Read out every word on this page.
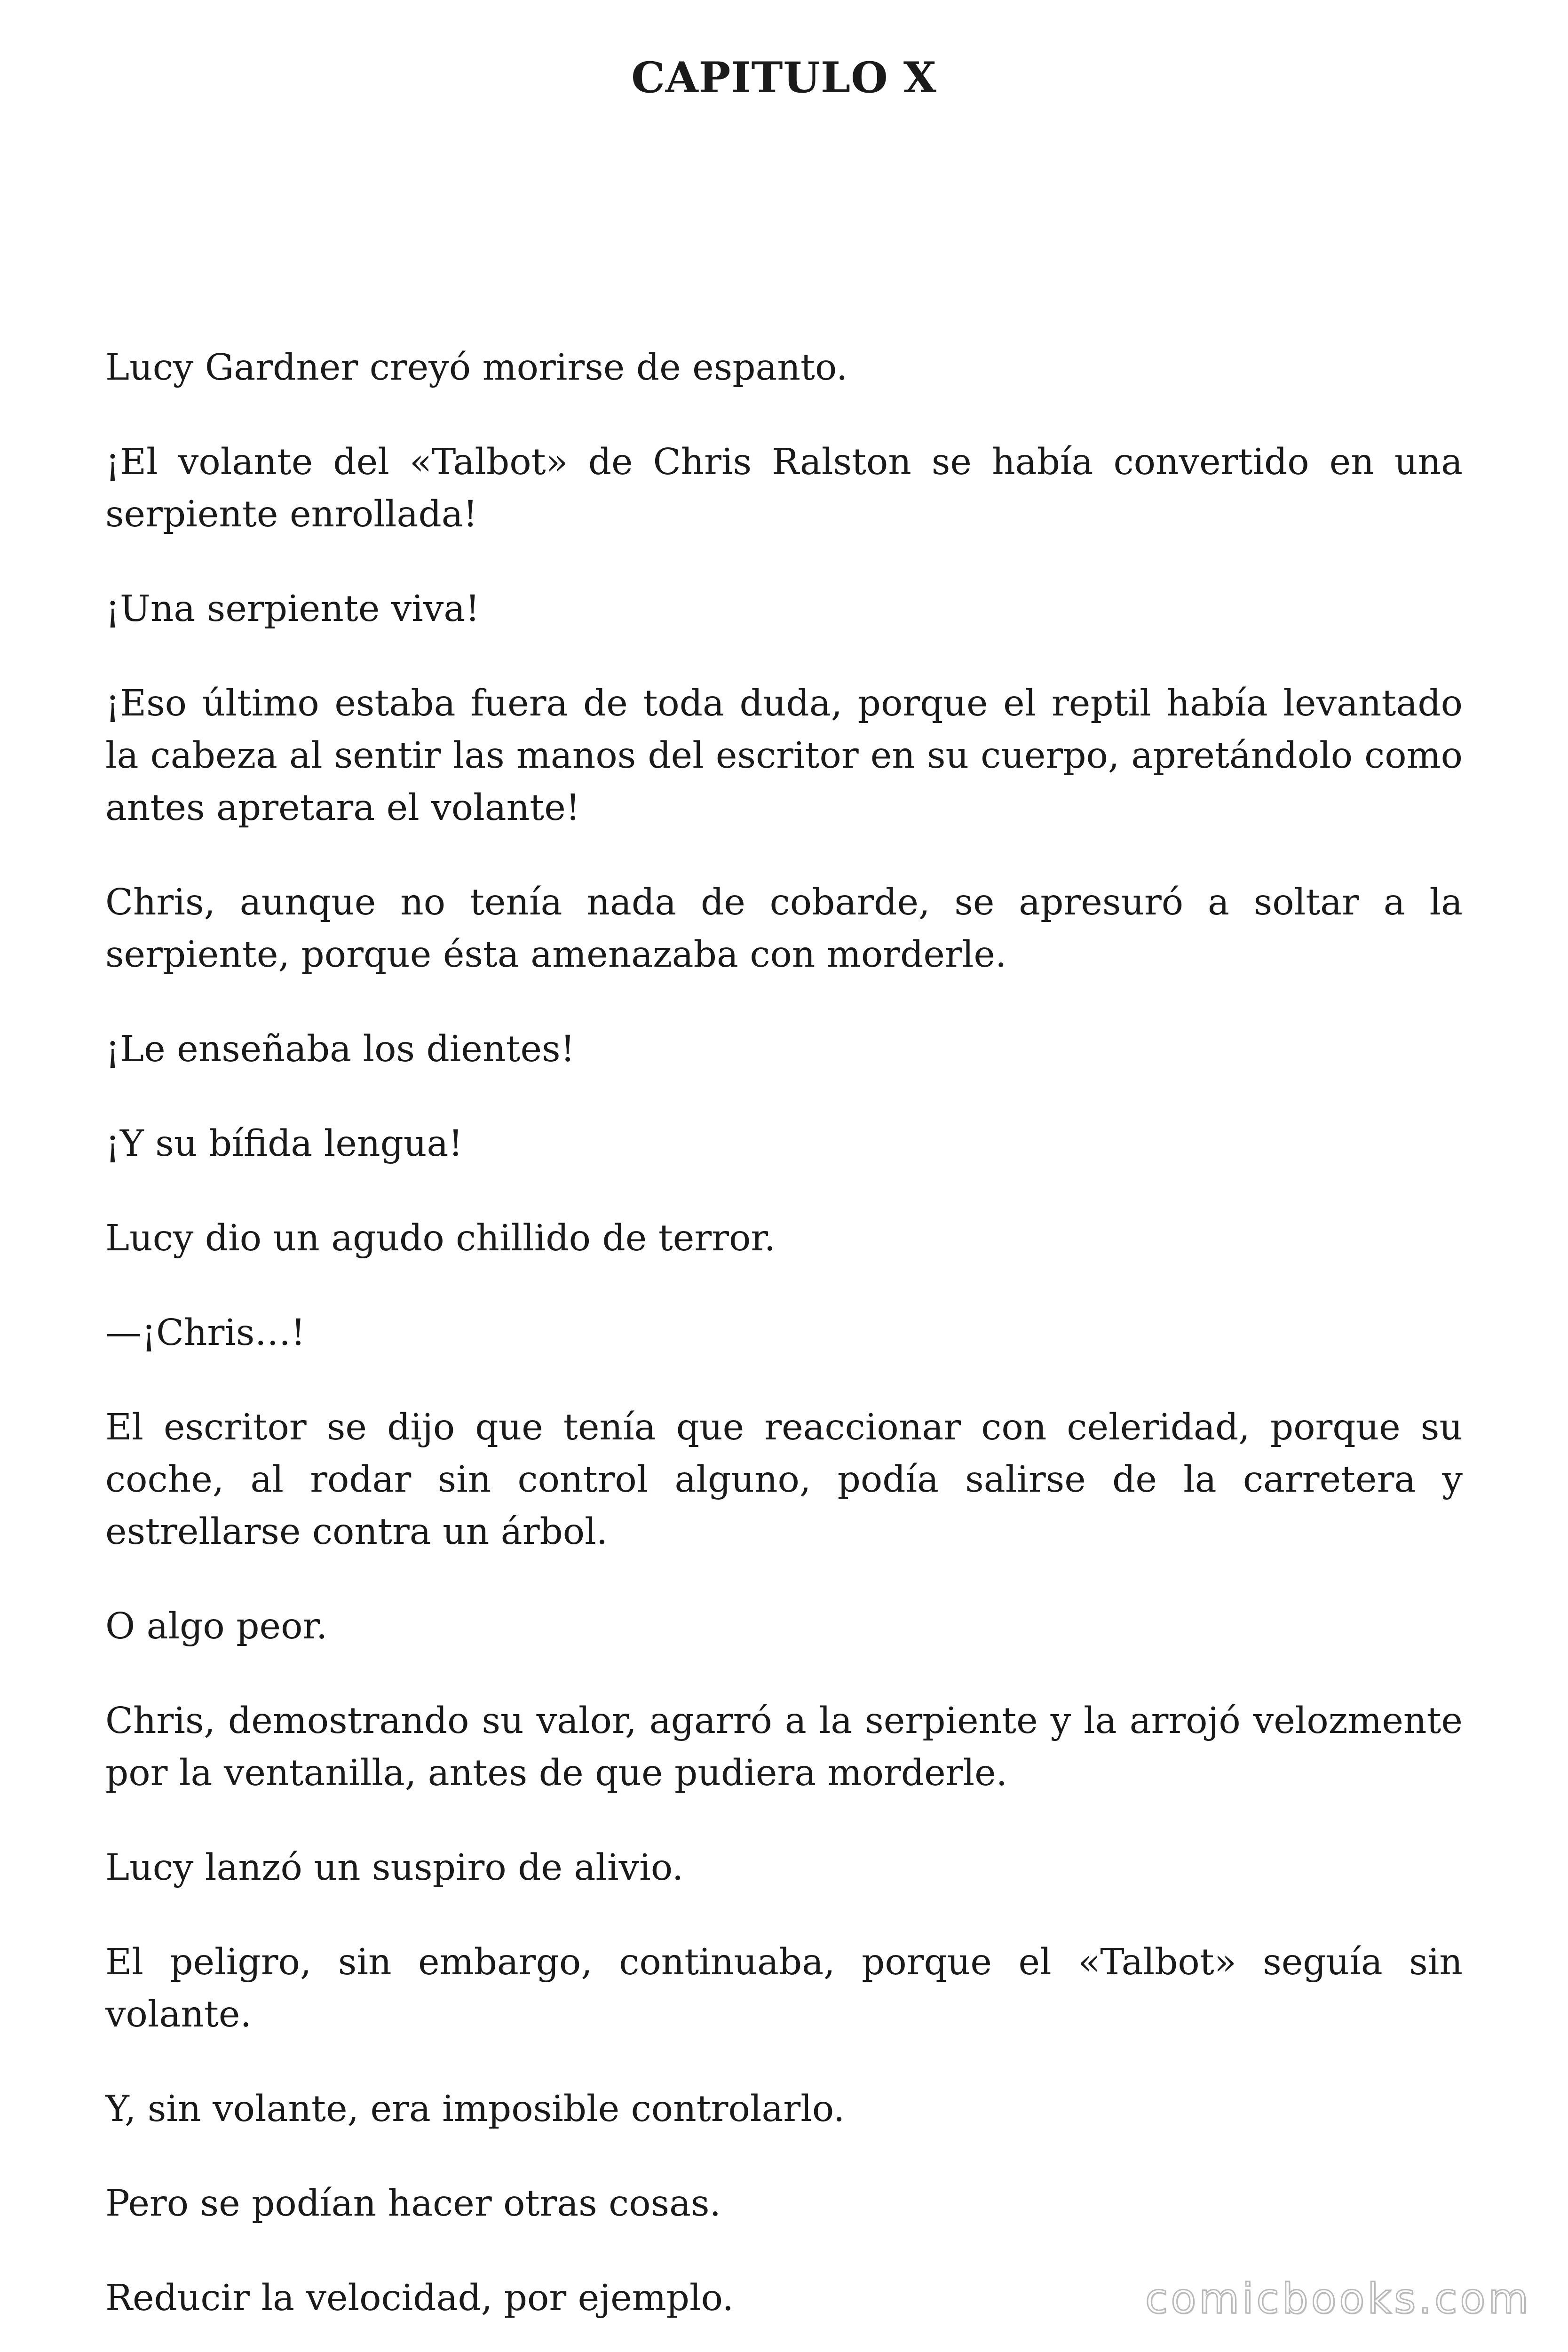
CAPITULO X

Lucy Gardner creyó morirse de espanto.

¡El volante del «Talbot» de Chris Ralston se había convertido en una serpiente enrollada!

¡Una serpiente viva!

¡Eso último estaba fuera de toda duda, porque el reptil había levantado la cabeza al sentir las manos del escritor en su cuerpo, apretándolo como antes apretara el volante!

Chris, aunque no tenía nada de cobarde, se apresuró a soltar a la serpiente, porque ésta amenazaba con morderle.

¡Le enseñaba los dientes!

¡Y su bífida lengua!

Lucy dio un agudo chillido de terror.

—¡Chris…!

El escritor se dijo que tenía que reaccionar con celeridad, porque su coche, al rodar sin control alguno, podía salirse de la carretera y estrellarse contra un árbol.

O algo peor.

Chris, demostrando su valor, agarró a la serpiente y la arrojó velozmente por la ventanilla, antes de que pudiera morderle.

Lucy lanzó un suspiro de alivio.

El peligro, sin embargo, continuaba, porque el «Talbot» seguía sin volante.

Y, sin volante, era imposible controlarlo.

Pero se podían hacer otras cosas.

Reducir la velocidad, por ejemplo.	comicbooks.com
